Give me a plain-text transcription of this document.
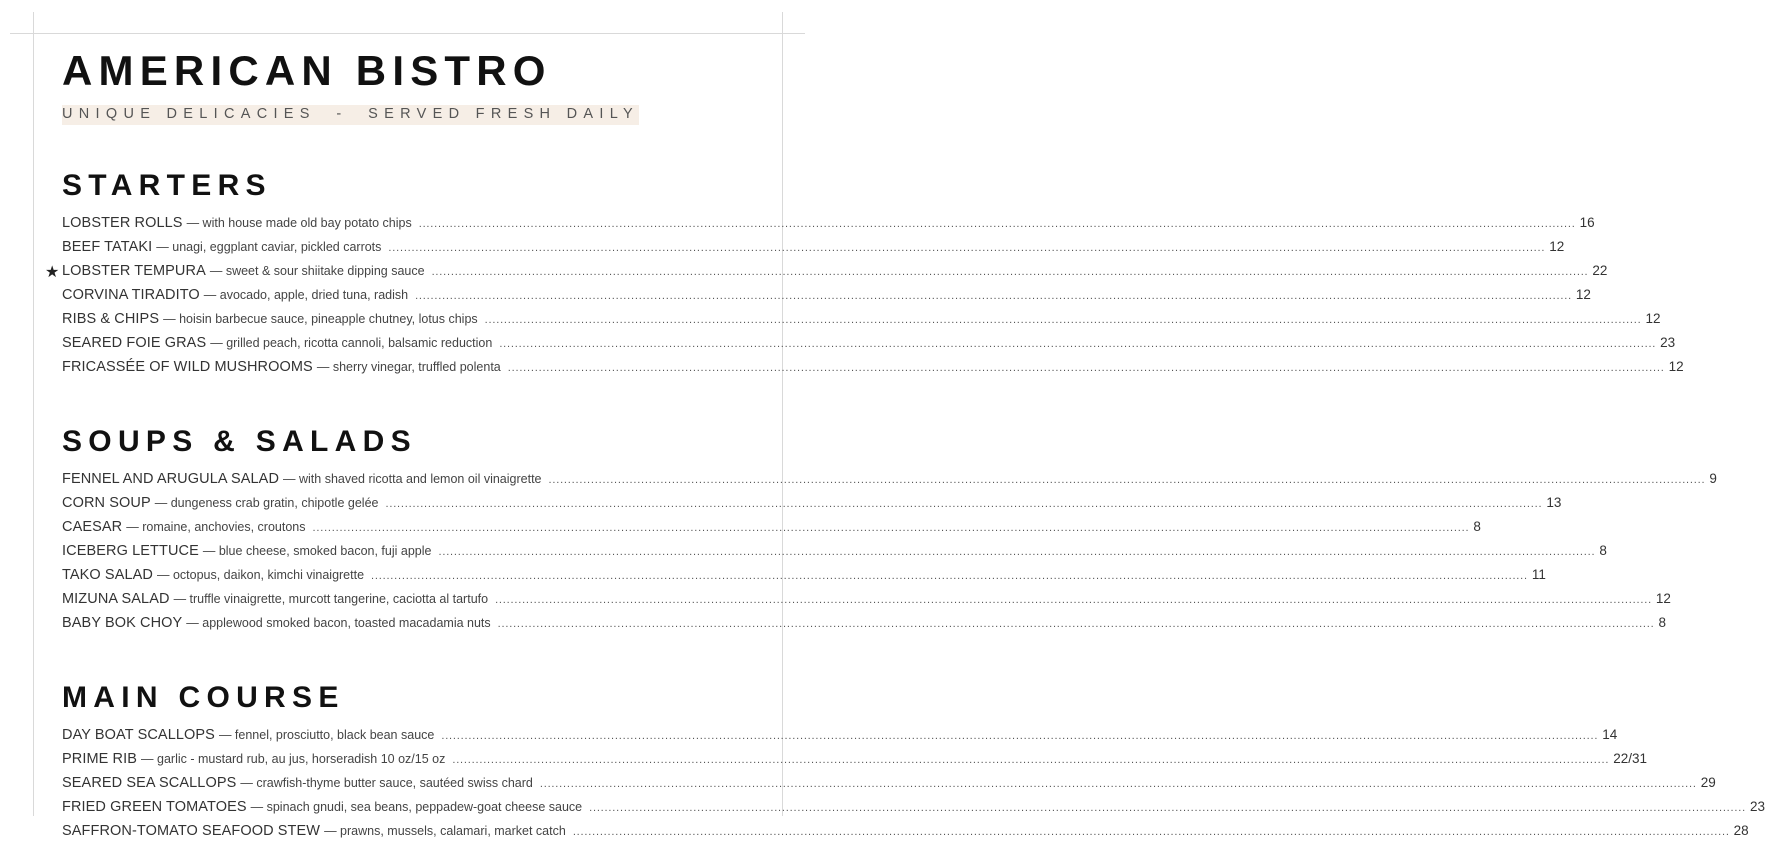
AMERICAN BISTRO
UNIQUE DELICACIES  -  SERVED FRESH DAILY
STARTERS
LOBSTER ROLLS — with house made old bay potato chips ............................................................................................................................................................................................................................................................................................................ 16
BEEF TATAKI — unagi, eggplant caviar, pickled carrots ............................................................................................................................................................................................................................................................................................................ 12
★ LOBSTER TEMPURA — sweet & sour shiitake dipping sauce ............................................................................................................................................................................................................................................................................................................ 22
CORVINA TIRADITO — avocado, apple, dried tuna, radish ............................................................................................................................................................................................................................................................................................................ 12
RIBS & CHIPS — hoisin barbecue sauce, pineapple chutney, lotus chips ............................................................................................................................................................................................................................................................................................................ 12
SEARED FOIE GRAS — grilled peach, ricotta cannoli, balsamic reduction ............................................................................................................................................................................................................................................................................................................ 23
FRICASSÉE OF WILD MUSHROOMS — sherry vinegar, truffled polenta ............................................................................................................................................................................................................................................................................................................ 12
SOUPS & SALADS
FENNEL AND ARUGULA SALAD — with shaved ricotta and lemon oil vinaigrette ............................................................................................................................................................................................................................................................................................................ 9
CORN SOUP — dungeness crab gratin, chipotle gelée ............................................................................................................................................................................................................................................................................................................ 13
CAESAR — romaine, anchovies, croutons ............................................................................................................................................................................................................................................................................................................ 8
ICEBERG LETTUCE — blue cheese, smoked bacon, fuji apple ............................................................................................................................................................................................................................................................................................................ 8
TAKO SALAD — octopus, daikon, kimchi vinaigrette ............................................................................................................................................................................................................................................................................................................ 11
MIZUNA SALAD — truffle vinaigrette, murcott tangerine, caciotta al tartufo ............................................................................................................................................................................................................................................................................................................ 12
BABY BOK CHOY — applewood smoked bacon, toasted macadamia nuts ............................................................................................................................................................................................................................................................................................................ 8
MAIN COURSE
DAY BOAT SCALLOPS — fennel, prosciutto, black bean sauce ............................................................................................................................................................................................................................................................................................................ 14
PRIME RIB — garlic - mustard rub, au jus, horseradish 10 oz/15 oz ............................................................................................................................................................................................................................................................................................................ 22/31
SEARED SEA SCALLOPS — crawfish-thyme butter sauce, sautéed swiss chard ............................................................................................................................................................................................................................................................................................................ 29
FRIED GREEN TOMATOES — spinach gnudi, sea beans, peppadew-goat cheese sauce ............................................................................................................................................................................................................................................................................................................ 23
SAFFRON-TOMATO SEAFOOD STEW — prawns, mussels, calamari, market catch ............................................................................................................................................................................................................................................................................................................ 28
